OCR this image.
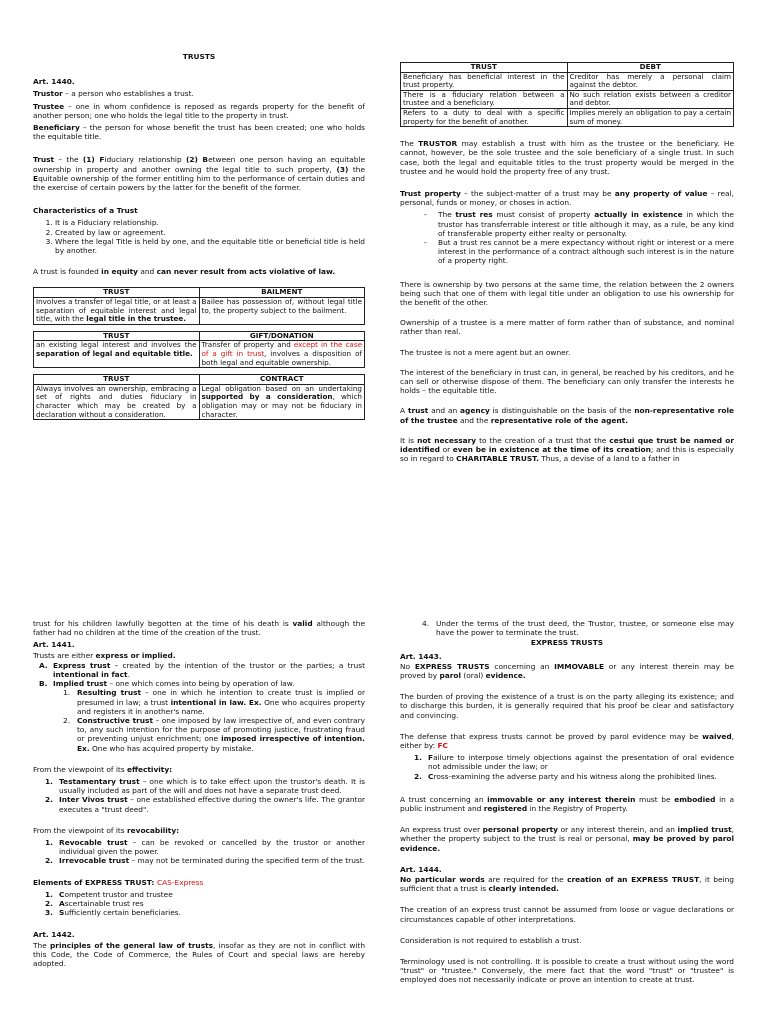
TRUSTS

Art. 1440.

Trustor – a person who establishes a trust.

Trustee – one in whom confidence is reposed as regards property for the benefit of another person; one who holds the legal title to the property in trust.

Beneficiary – the person for whose benefit the trust has been created; one who holds the equitable title.

Trust – the (1) Fiduciary relationship (2) Between one person having an equitable ownership in property and another owning the legal title to such property, (3) the Equitable ownership of the former entitling him to the performance of certain duties and the exercise of certain powers by the latter for the benefit of the former.

Characteristics of a Trust

1. It is a Fiduciary relationship.
2. Created by law or agreement.
3. Where the legal Title is held by one, and the equitable title or beneficial title is held by another.

A trust is founded in equity and can never result from acts violative of law.

TRUST	BAILMENT
Involves a transfer of legal title, or at least a separation of equitable interest and legal title, with the legal title in the trustee.	Bailee has possession of, without legal title to, the property subject to the bailment.
TRUST	GIFT/DONATION
an existing legal interest and involves the separation of legal and equitable title.	Transfer of property and except in the case of a gift in trust, involves a disposition of both legal and equitable ownership.
TRUST	CONTRACT
Always involves an ownership, embracing a set of rights and duties fiduciary in character which may be created by a declaration without a consideration.	Legal obligation based on an undertaking supported by a consideration, which obligation may or may not be fiduciary in character.
TRUST	DEBT
Beneficiary has beneficial interest in the trust property.	Creditor has merely a personal claim against the debtor.
There is a fiduciary relation between a trustee and a beneficiary.	No such relation exists between a creditor and debtor.
Refers to a duty to deal with a specific property for the benefit of another.	Implies merely an obligation to pay a certain sum of money.

The TRUSTOR may establish a trust with him as the trustee or the beneficiary. He cannot, however, be the sole trustee and the sole beneficiary of a single trust. In such case, both the legal and equitable titles to the trust property would be merged in the trustee and he would hold the property free of any trust.

Trust property – the subject-matter of a trust may be any property of value – real, personal, funds or money, or choses in action.

- The trust res must consist of property actually in existence in which the trustor has transferrable interest or title although it may, as a rule, be any kind of transferable property either realty or personalty.
- But a trust res cannot be a mere expectancy without right or interest or a mere interest in the performance of a contract although such interest is in the nature of a property right.

There is ownership by two persons at the same time, the relation between the 2 owners being such that one of them with legal title under an obligation to use his ownership for the benefit of the other.

Ownership of a trustee is a mere matter of form rather than of substance, and nominal rather than real.

The trustee is not a mere agent but an owner.

The interest of the beneficiary in trust can, in general, be reached by his creditors, and he can sell or otherwise dispose of them. The beneficiary can only transfer the interests he holds – the equitable title.

A trust and an agency is distinguishable on the basis of the non-representative role of the trustee and the representative role of the agent.

It is not necessary to the creation of a trust that the cestui que trust be named or identified or even be in existence at the time of its creation; and this is especially so in regard to CHARITABLE TRUST. Thus, a devise of a land to a father in

trust for his children lawfully begotten at the time of his death is valid although the father had no children at the time of the creation of the trust.

Art. 1441.

Trusts are either express or implied.

A. Express trust – created by the intention of the trustor or the parties; a trust intentional in fact.
B. Implied trust – one which comes into being by operation of law.
1. Resulting trust – one in which he intention to create trust is implied or presumed in law; a trust intentional in law. Ex. One who acquires property and registers it in another's name.
2. Constructive trust – one imposed by law irrespective of, and even contrary to, any such intention for the purpose of promoting justice, frustrating fraud or preventing unjust enrichment; one imposed irrespective of intention. Ex. One who has acquired property by mistake.

From the viewpoint of its effectivity:

1. Testamentary trust – one which is to take effect upon the trustor's death. It is usually included as part of the will and does not have a separate trust deed.
2. Inter Vivos trust – one established effective during the owner's life. The grantor executes a "trust deed".

From the viewpoint of its revocability:

1. Revocable trust – can be revoked or cancelled by the trustor or another individual given the power.
2. Irrevocable trust – may not be terminated during the specified term of the trust.

Elements of EXPRESS TRUST: CAS-Express

1. Competent trustor and trustee
2. Ascertainable trust res
3. Sufficiently certain beneficiaries.

Art. 1442.

The principles of the general law of trusts, insofar as they are not in conflict with this Code, the Code of Commerce, the Rules of Court and special laws are hereby adopted.

4. Under the terms of the trust deed, the Trustor, trustee, or someone else may have the power to terminate the trust.
EXPRESS TRUSTS

Art. 1443.

No EXPRESS TRUSTS concerning an IMMOVABLE or any interest therein may be proved by parol (oral) evidence.

The burden of proving the existence of a trust is on the party alleging its existence; and to discharge this burden, it is generally required that his proof be clear and satisfactory and convincing.

The defense that express trusts cannot be proved by parol evidence may be waived, either by: FC

1. Failure to interpose timely objections against the presentation of oral evidence not admissible under the law; or
2. Cross-examining the adverse party and his witness along the prohibited lines.

A trust concerning an immovable or any interest therein must be embodied in a public instrument and registered in the Registry of Property.

An express trust over personal property or any interest therein, and an implied trust, whether the property subject to the trust is real or personal, may be proved by parol evidence.

Art. 1444.

No particular words are required for the creation of an EXPRESS TRUST, it being sufficient that a trust is clearly intended.

The creation of an express trust cannot be assumed from loose or vague declarations or circumstances capable of other interpretations.

Consideration is not required to establish a trust.

Terminology used is not controlling. It is possible to create a trust without using the word "trust" or "trustee." Conversely, the mere fact that the word "trust" or "trustee" is employed does not necessarily indicate or prove an intention to create at trust.
